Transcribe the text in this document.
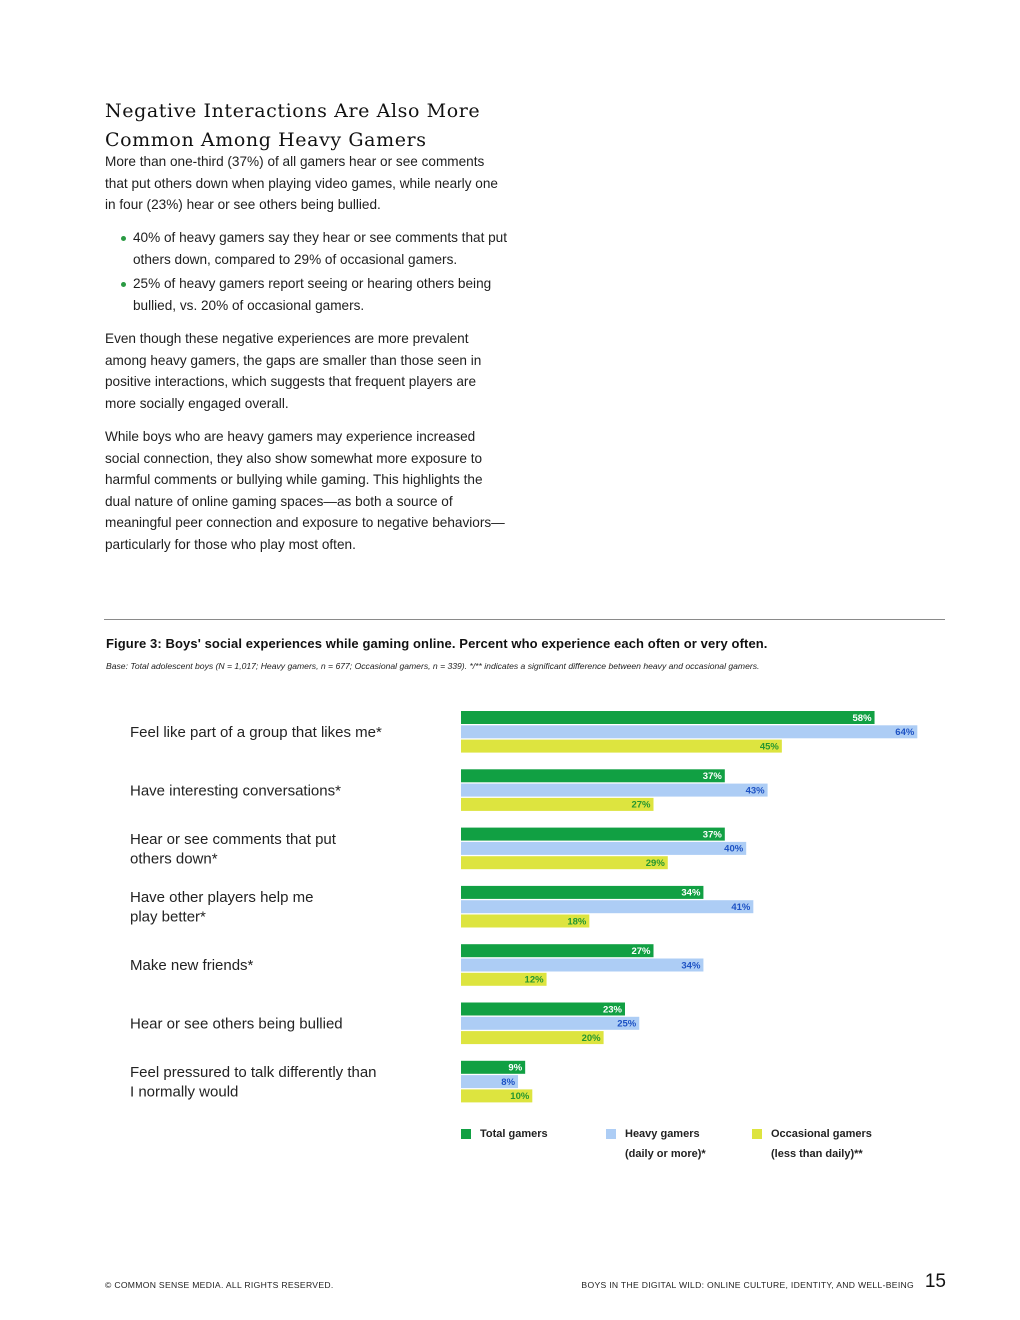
Negative Interactions Are Also More Common Among Heavy Gamers

More than one-third (37%) of all gamers hear or see comments that put others down when playing video games, while nearly one in four (23%) hear or see others being bullied.

40% of heavy gamers say they hear or see comments that put others down, compared to 29% of occasional gamers.
25% of heavy gamers report seeing or hearing others being bullied, vs. 20% of occasional gamers.

Even though these negative experiences are more prevalent among heavy gamers, the gaps are smaller than those seen in positive interactions, which suggests that frequent players are more socially engaged overall.

While boys who are heavy gamers may experience increased social connection, they also show somewhat more exposure to harmful comments or bullying while gaming. This highlights the dual nature of online gaming spaces—as both a source of meaningful peer connection and exposure to negative behaviors—particularly for those who play most often.

Figure 3: Boys' social experiences while gaming online. Percent who experience each often or very often.
Base: Total adolescent boys (N = 1,017; Heavy gamers, n = 677; Occasional gamers, n = 339). */** indicates a significant difference between heavy and occasional gamers.
Feel like part of a group that likes me*
58%
64%
45%
Have interesting conversations*
37%
43%
27%
Hear or see comments that put
others down*
37%
40%
29%
Have other players help me
play better*
34%
41%
18%
Make new friends*
27%
34%
12%
Hear or see others being bullied
23%
25%
20%
Feel pressured to talk differently than
I normally would
9%
8%
10%
Total gamers	Heavy gamers
(daily or more)*
Occasional gamers
(less than daily)**
© COMMON SENSE MEDIA. ALL RIGHTS RESERVED.	BOYS IN THE DIGITAL WILD: ONLINE CULTURE, IDENTITY, AND WELL-BEING 15
